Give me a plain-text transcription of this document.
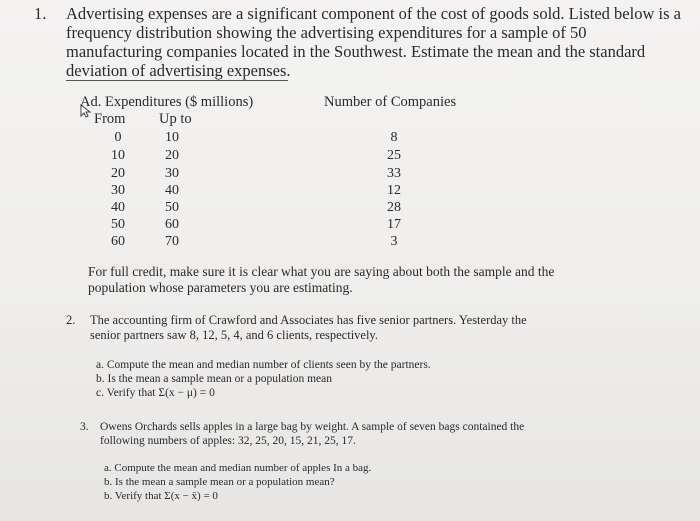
1. Advertising expenses are a significant component of the cost of goods sold. Listed below is a
frequency distribution showing the advertising expenditures for a sample of 50
manufacturing companies located in the Southwest. Estimate the mean and the standard
deviation of advertising expenses.
Ad. Expenditures ($ millions)	Number of Companies
From Up to
0	10	8
10	20	25
20	30	33
30	40	12
40	50	28
50	60	17
60	70	3
For full credit, make sure it is clear what you are saying about both the sample and the
population whose parameters you are estimating.
2. The accounting firm of Crawford and Associates has five senior partners. Yesterday the
senior partners saw 8, 12, 5, 4, and 6 clients, respectively.
a. Compute the mean and median number of clients seen by the partners.
b. Is the mean a sample mean or a population mean
c. Verify that Σ(x − μ) = 0
3. Owens Orchards sells apples in a large bag by weight. A sample of seven bags contained the
following numbers of apples: 32, 25, 20, 15, 21, 25, 17.
a. Compute the mean and median number of apples In a bag.
b. Is the mean a sample mean or a population mean?
b. Verify that Σ(x − x̄) = 0
